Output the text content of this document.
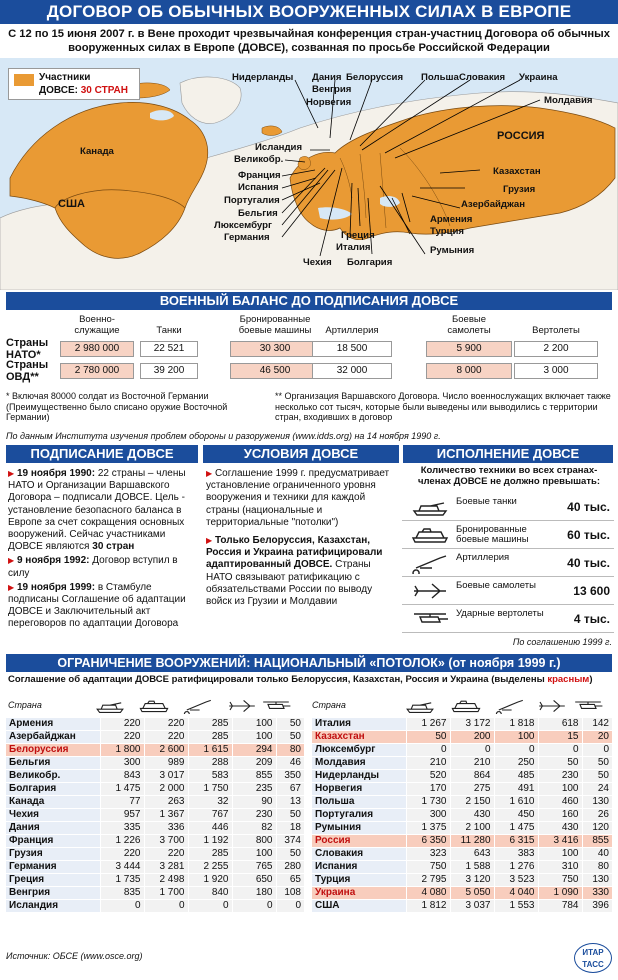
ДОГОВОР ОБ ОБЫЧНЫХ ВООРУЖЕННЫХ СИЛАХ В ЕВРОПЕ
С 12 по 15 июня 2007 г. в Вене проходит чрезвычайная конференция стран-участниц Договора об обычных вооруженных силах в Европе (ДОВСЕ), созванная по просьбе Российской Федерации
Канада
США
РОССИЯ
Нидерланды Дания
Венгрия
Норвегия
Белоруссия Польша Словакия Украина
Молдавия
Исландия
Великобр.
Франция
Испания
Португалия
Бельгия
Люксембург
Германия
Чехия
Греция
Италия
Болгария
Казахстан
Грузия
Азербайджан
Армения
Турция
Румыния
Участники
ДОВСЕ: 30 СТРАН
ВОЕННЫЙ БАЛАНС ДО ПОДПИСАНИЯ ДОВСЕ
Военно-
служащие	Танки
Бронированные
боевые машины	Артиллерия
Боевые
самолеты	Вертолеты
Страны
НАТО*
2 980 000	22 521	30 300	18 500	5 900	2 200
Страны
ОВД**
2 780 000	39 200	46 500	32 000	8 000	3 000
* Включая 80000 солдат из Восточной Германии (Преимущественно было списано оружие Восточной Германии)
** Организация Варшавского Договора. Число военнослужащих включает также несколько сот тысяч, которые были выведены или выводились с территории стран, входивших в договор
По данным Института изучения проблем обороны и разоружения (www.idds.org) на 14 ноября 1990 г.
ПОДПИСАНИЕ ДОВСЕ	УСЛОВИЯ ДОВСЕ	ИСПОЛНЕНИЕ ДОВСЕ

▶ 19 ноября 1990: 22 страны – члены НАТО и Организации Варшавского Договора – подписали ДОВСЕ. Цель - установление безопасного баланса в Европе за счет сокращения основных вооружений. Сейчас участниками ДОВСЕ являются 30 стран

▶ 9 ноября 1992: Договор вступил в силу

▶ 19 ноября 1999: в Стамбуле подписаны Соглашение об адаптации ДОВСЕ и Заключительный акт переговоров по адаптации Договора

▶ Соглашение 1999 г. предусматривает установление ограниченного уровня вооружения и техники для каждой страны (национальные и территориальные "потолки")

▶ Только Белоруссия, Казахстан, Россия и Украина ратифицировали адаптированный ДОВСЕ. Страны НАТО связывают ратификацию с обязательствами России по выводу войск из Грузии и Молдавии

Количество техники во всех странах-членах ДОВСЕ не должно превышать:
Боевые танки	40 тыс.
Бронированные боевые машины	60 тыс.
Артиллерия	40 тыс.
Боевые самолеты	13 600
Ударные вертолеты	4 тыс.
По соглашению 1999 г.
ОГРАНИЧЕНИЕ ВООРУЖЕНИЙ: НАЦИОНАЛЬНЫЙ «ПОТОЛОК» (от ноября 1999 г.)
Соглашение об адаптации ДОВСЕ ратифицировали только Белоруссия, Казахстан, Россия и Украина (выделены красным)
Страна	Страна
Армения	220	220	285	100	50
Азербайджан	220	220	285	100	50
Белоруссия	1 800	2 600	1 615	294	80
Бельгия	300	989	288	209	46
Великобр.	843	3 017	583	855	350
Болгария	1 475	2 000	1 750	235	67
Канада	77	263	32	90	13
Чехия	957	1 367	767	230	50
Дания	335	336	446	82	18
Франция	1 226	3 700	1 192	800	374
Грузия	220	220	285	100	50
Германия	3 444	3 281	2 255	765	280
Греция	1 735	2 498	1 920	650	65
Венгрия	835	1 700	840	180	108
Исландия	0	0	0	0	0
Италия	1 267	3 172	1 818	618	142
Казахстан	50	200	100	15	20
Люксембург	0	0	0	0	0
Молдавия	210	210	250	50	50
Нидерланды	520	864	485	230	50
Норвегия	170	275	491	100	24
Польша	1 730	2 150	1 610	460	130
Португалия	300	430	450	160	26
Румыния	1 375	2 100	1 475	430	120
Россия	6 350	11 280	6 315	3 416	855
Словакия	323	643	383	100	40
Испания	750	1 588	1 276	310	80
Турция	2 795	3 120	3 523	750	130
Украина	4 080	5 050	4 040	1 090	330
США	1 812	3 037	1 553	784	396
Источник: ОБСЕ (www.osce.org)	ИТАР
ТАСС
